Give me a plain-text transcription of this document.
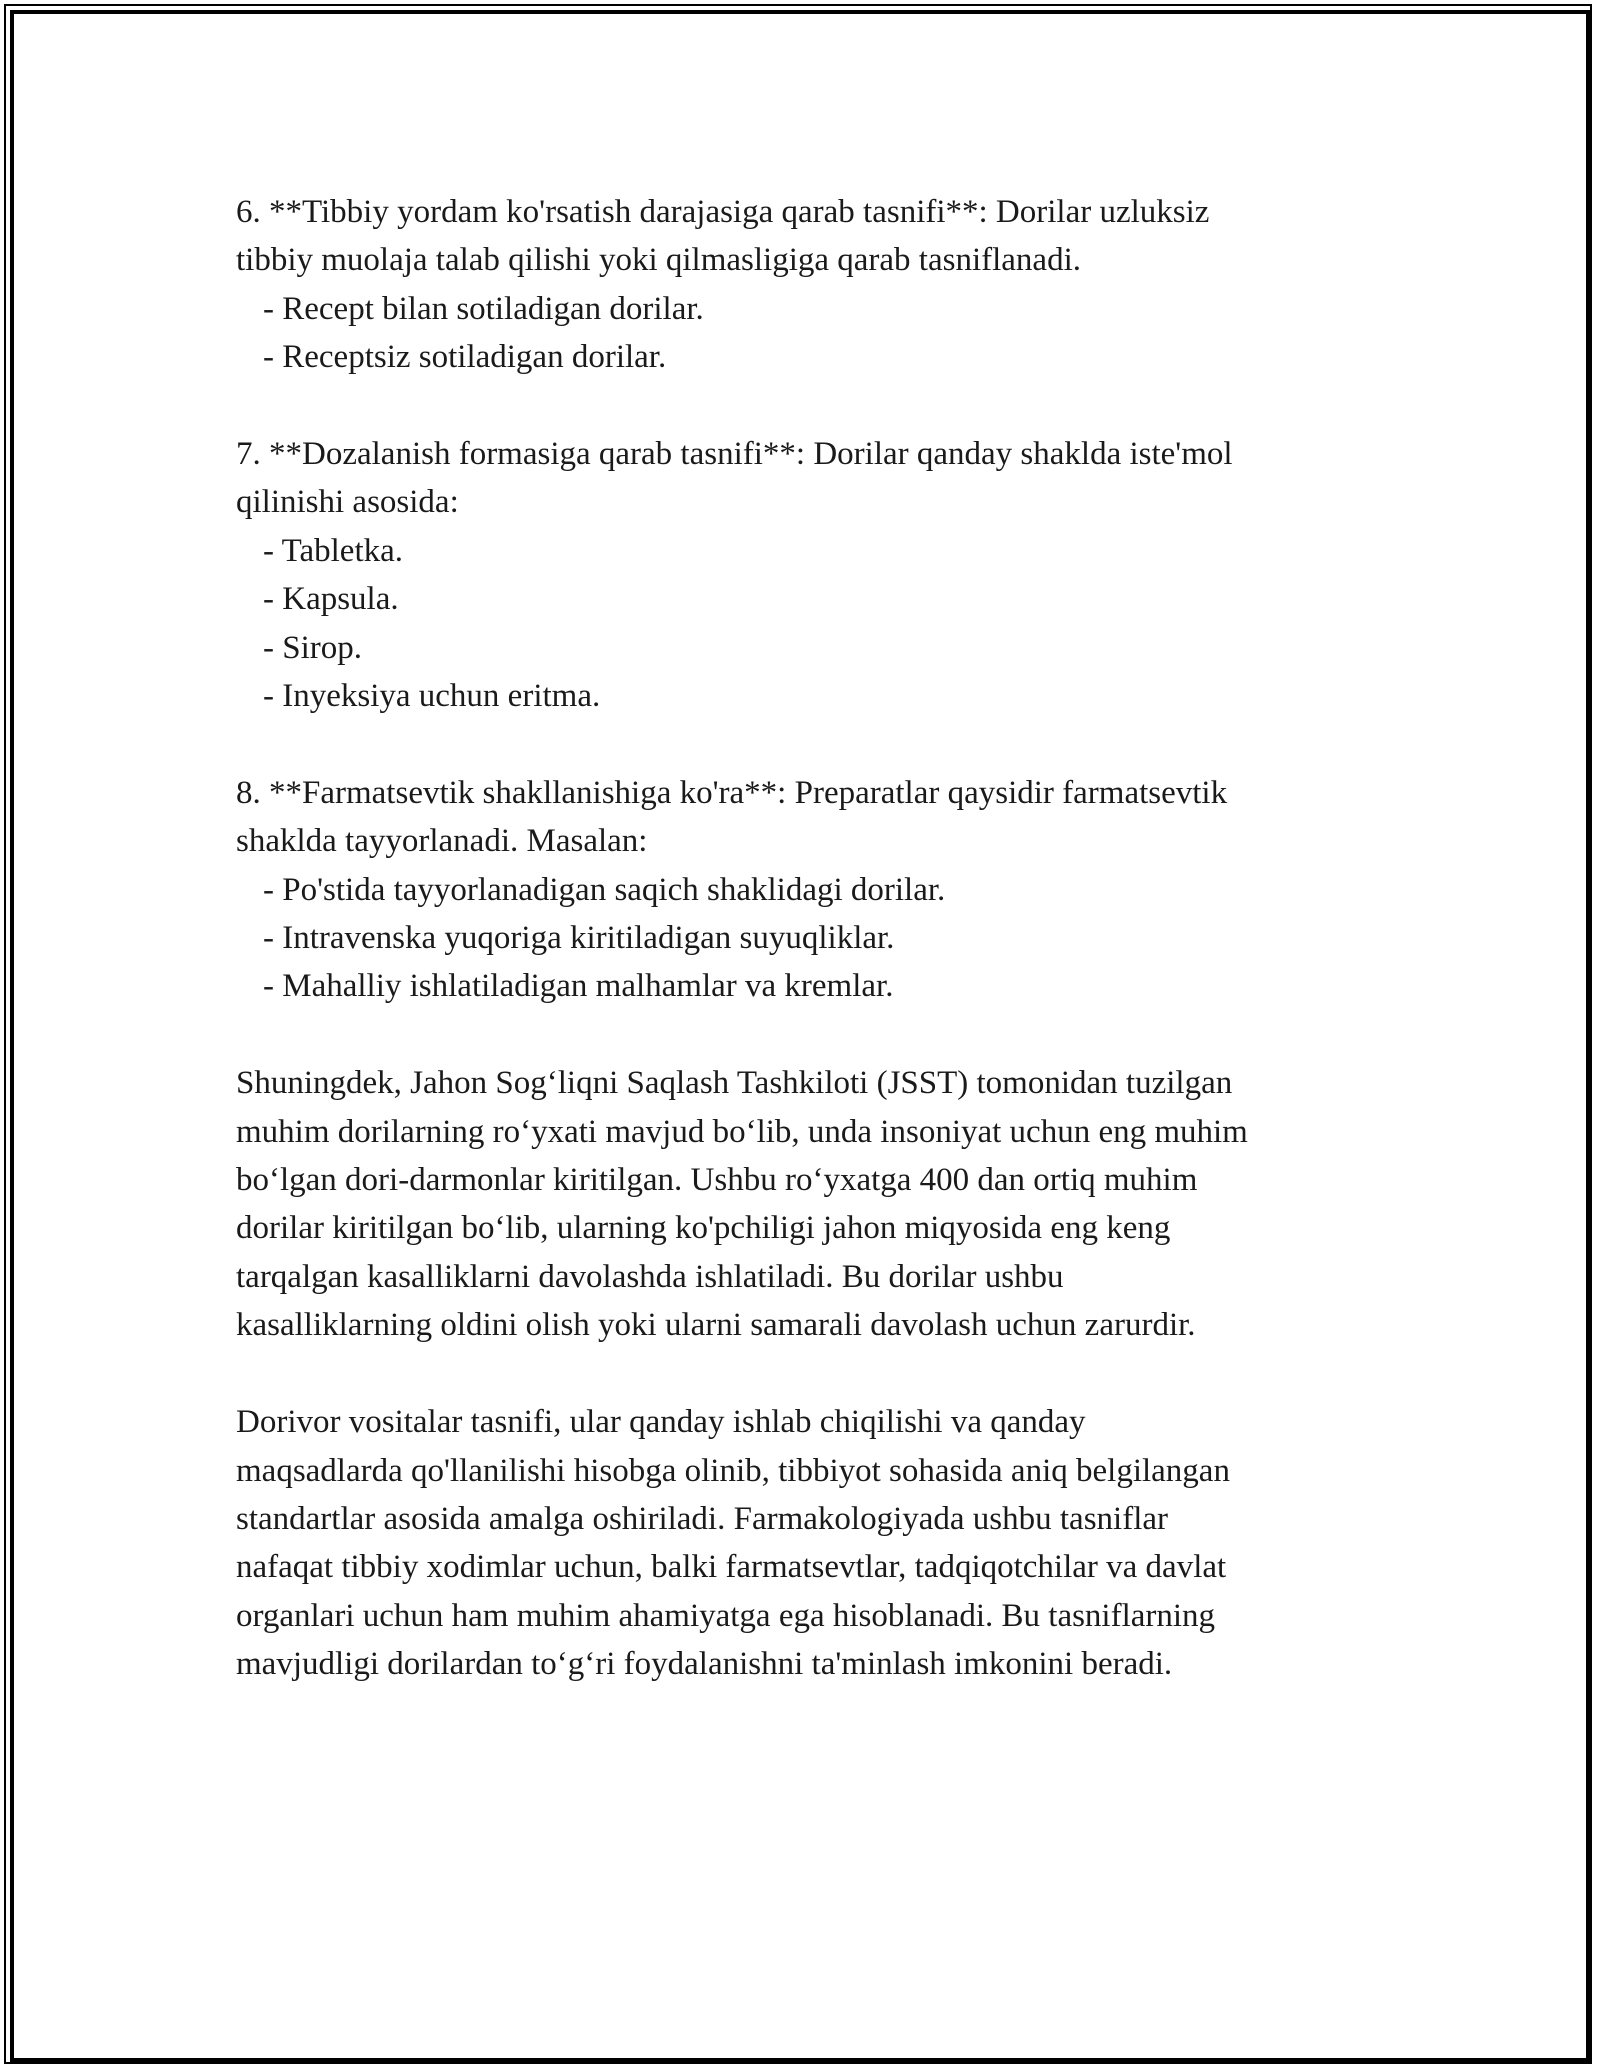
6. **Tibbiy yordam ko'rsatish darajasiga qarab tasnifi**: Dorilar uzluksiz

tibbiy muolaja talab qilishi yoki qilmasligiga qarab tasniflanadi.

- Recept bilan sotiladigan dorilar.

- Receptsiz sotiladigan dorilar.

7. **Dozalanish formasiga qarab tasnifi**: Dorilar qanday shaklda iste'mol

qilinishi asosida:

- Tabletka.

- Kapsula.

- Sirop.

- Inyeksiya uchun eritma.

8. **Farmatsevtik shakllanishiga ko'ra**: Preparatlar qaysidir farmatsevtik

shaklda tayyorlanadi. Masalan:

- Po'stida tayyorlanadigan saqich shaklidagi dorilar.

- Intravenska yuqoriga kiritiladigan suyuqliklar.

- Mahalliy ishlatiladigan malhamlar va kremlar.

Shuningdek, Jahon Sog‘liqni Saqlash Tashkiloti (JSST) tomonidan tuzilgan

muhim dorilarning ro‘yxati mavjud bo‘lib, unda insoniyat uchun eng muhim

bo‘lgan dori-darmonlar kiritilgan. Ushbu ro‘yxatga 400 dan ortiq muhim

dorilar kiritilgan bo‘lib, ularning ko'pchiligi jahon miqyosida eng keng

tarqalgan kasalliklarni davolashda ishlatiladi. Bu dorilar ushbu

kasalliklarning oldini olish yoki ularni samarali davolash uchun zarurdir.

Dorivor vositalar tasnifi, ular qanday ishlab chiqilishi va qanday

maqsadlarda qo'llanilishi hisobga olinib, tibbiyot sohasida aniq belgilangan

standartlar asosida amalga oshiriladi. Farmakologiyada ushbu tasniflar

nafaqat tibbiy xodimlar uchun, balki farmatsevtlar, tadqiqotchilar va davlat

organlari uchun ham muhim ahamiyatga ega hisoblanadi. Bu tasniflarning

mavjudligi dorilardan to‘g‘ri foydalanishni ta'minlash imkonini beradi.
